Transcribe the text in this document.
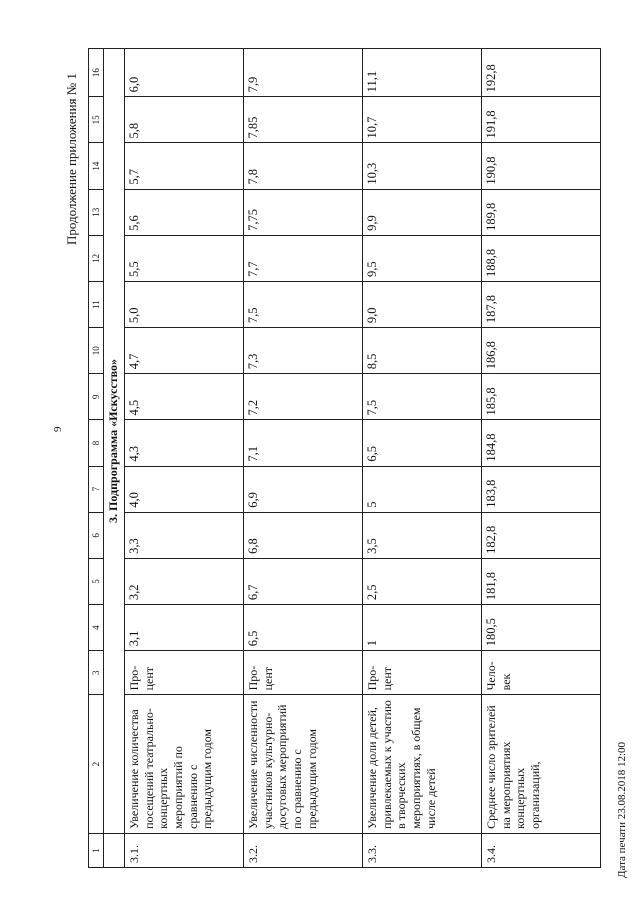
9
Продолжение приложения № 1
Дата печати 23.08.2018 12:00
1	2	3	4	5	6	7	8	9	10	11	12	13	14	15	16
	3. Подпрограмма «Искусство»														
3.1.	Увеличение количества посещений театрально-концертных мероприятий по сравнению с предыдущим годом	Про-цент	3,1	3,2	3,3	4,0	4,3	4,5	4,7	5,0	5,5	5,6	5,7	5,8	6,0
3.2.	Увеличение численности участников культурно-досуговых мероприятий по сравнению с предыдущим годом	Про-цент	6,5	6,7	6,8	6,9	7,1	7,2	7,3	7,5	7,7	7,75	7,8	7,85	7,9
3.3.	Увеличение доли детей, привлекаемых к участию в творческих мероприятиях, в общем числе детей	Про-цент	1	2,5	3,5	5	6,5	7,5	8,5	9,0	9,5	9,9	10,3	10,7	11,1
3.4.	Среднее число зрителей на мероприятиях концертных организаций,	Чело-век	180,5	181,8	182,8	183,8	184,8	185,8	186,8	187,8	188,8	189,8	190,8	191,8	192,8
